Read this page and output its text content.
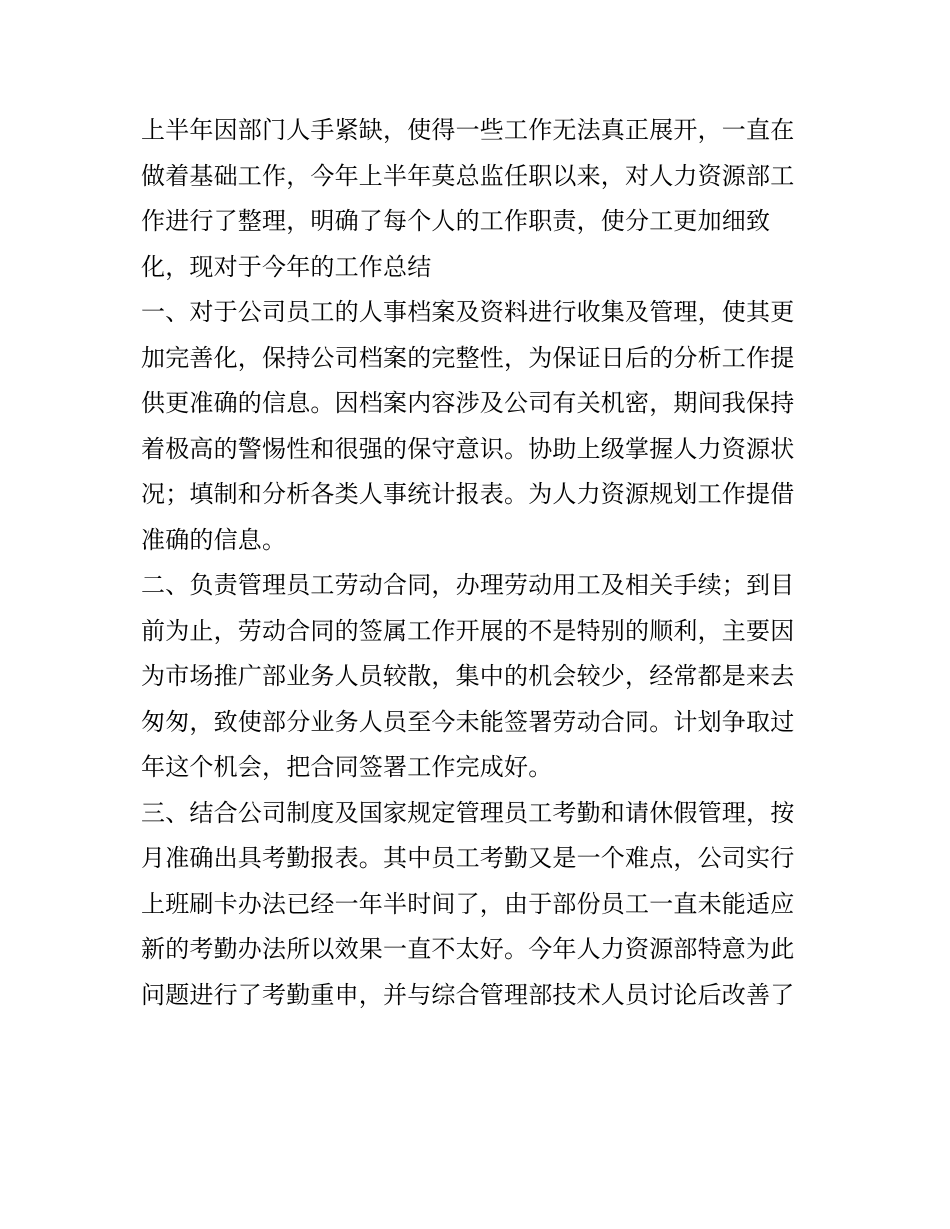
上半年因部门人手紧缺，使得一些工作无法真正展开，一直在
做着基础工作，今年上半年莫总监任职以来，对人力资源部工
作进行了整理，明确了每个人的工作职责，使分工更加细致
化，现对于今年的工作总结
一、对于公司员工的人事档案及资料进行收集及管理，使其更
加完善化，保持公司档案的完整性，为保证日后的分析工作提
供更准确的信息。因档案内容涉及公司有关机密，期间我保持
着极高的警惕性和很强的保守意识。协助上级掌握人力资源状
况；填制和分析各类人事统计报表。为人力资源规划工作提借
准确的信息。
二、负责管理员工劳动合同，办理劳动用工及相关手续；到目
前为止，劳动合同的签属工作开展的不是特别的顺利，主要因
为市场推广部业务人员较散，集中的机会较少，经常都是来去
匆匆，致使部分业务人员至今未能签署劳动合同。计划争取过
年这个机会，把合同签署工作完成好。
三、结合公司制度及国家规定管理员工考勤和请休假管理，按
月准确出具考勤报表。其中员工考勤又是一个难点，公司实行
上班刷卡办法已经一年半时间了，由于部份员工一直未能适应
新的考勤办法所以效果一直不太好。今年人力资源部特意为此
问题进行了考勤重申，并与综合管理部技术人员讨论后改善了
